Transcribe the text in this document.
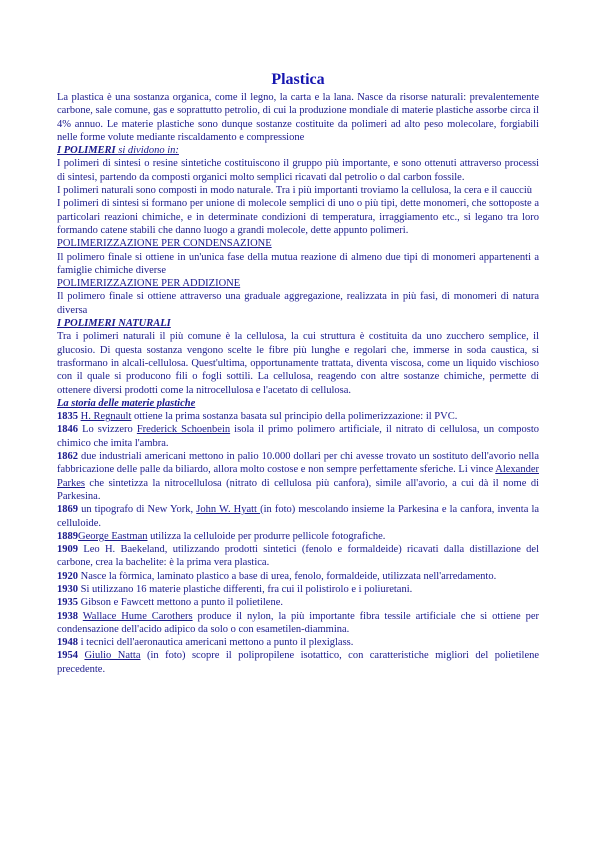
Plastica

La plastica è una sostanza organica, come il legno, la carta e la lana. Nasce da risorse naturali: prevalentemente carbone, sale comune, gas e soprattutto petrolio, di cui la produzione mondiale di materie plastiche assorbe circa il 4% annuo. Le materie plastiche sono dunque sostanze costituite da polimeri ad alto peso molecolare, forgiabili nelle forme volute mediante riscaldamento e compressione

I POLIMERI si dividono in:

I polimeri di sintesi o resine sintetiche costituiscono il gruppo più importante, e sono ottenuti attraverso processi di sintesi, partendo da composti organici molto semplici ricavati dal petrolio o dal carbon fossile.

I polimeri naturali sono composti in modo naturale. Tra i più importanti troviamo la cellulosa, la cera e il caucciù

I polimeri di sintesi si formano per unione di molecole semplici di uno o più tipi, dette monomeri, che sottoposte a particolari reazioni chimiche, e in determinate condizioni di temperatura, irraggiamento etc., si legano tra loro formando catene stabili che danno luogo a grandi molecole, dette appunto polimeri.

POLIMERIZZAZIONE PER CONDENSAZIONE

Il polimero finale si ottiene in un'unica fase della mutua reazione di almeno due tipi di monomeri appartenenti a famiglie chimiche diverse

POLIMERIZZAZIONE PER ADDIZIONE

Il polimero finale si ottiene attraverso una graduale aggregazione, realizzata in più fasi, di monomeri di natura diversa

I POLIMERI NATURALI

Tra i polimeri naturali il più comune è la cellulosa, la cui struttura è costituita da uno zucchero semplice, il glucosio. Di questa sostanza vengono scelte le fibre più lunghe e regolari che, immerse in soda caustica, si trasformano in alcali-cellulosa. Quest'ultima, opportunamente trattata, diventa viscosa, come un liquido vischioso con il quale si producono fili o fogli sottili. La cellulosa, reagendo con altre sostanze chimiche, permette di ottenere diversi prodotti come la nitrocellulosa e l'acetato di cellulosa.

La storia delle materie plastiche

1835 H. Regnault ottiene la prima sostanza basata sul principio della polimerizzazione: il PVC.

1846 Lo svizzero Frederick Schoenbein isola il primo polimero artificiale, il nitrato di cellulosa, un composto chimico che imita l'ambra.

1862 due industriali americani mettono in palio 10.000 dollari per chi avesse trovato un sostituto dell'avorio nella fabbricazione delle palle da biliardo, allora molto costose e non sempre perfettamente sferiche. Li vince Alexander Parkes che sintetizza la nitrocellulosa (nitrato di cellulosa più canfora), simile all'avorio, a cui dà il nome di Parkesina.

1869 un tipografo di New York, John W. Hyatt (in foto) mescolando insieme la Parkesina e la canfora, inventa la celluloide.

1889George Eastman utilizza la celluloide per produrre pellicole fotografiche.

1909 Leo H. Baekeland, utilizzando prodotti sintetici (fenolo e formaldeide) ricavati dalla distillazione del carbone, crea la bachelite: è la prima vera plastica.

1920 Nasce la fòrmica, laminato plastico a base di urea, fenolo, formaldeide, utilizzata nell'arredamento.

1930 Si utilizzano 16 materie plastiche differenti, fra cui il polistirolo e i poliuretani.

1935 Gibson e Fawcett mettono a punto il polietilene.

1938 Wallace Hume Carothers produce il nylon, la più importante fibra tessile artificiale che si ottiene per condensazione dell'acido adipico da solo o con esametilen-diammina.

1948 i tecnici dell'aeronautica americani mettono a punto il plexiglass.

1954 Giulio Natta (in foto) scopre il polipropilene isotattico, con caratteristiche migliori del polietilene precedente.
